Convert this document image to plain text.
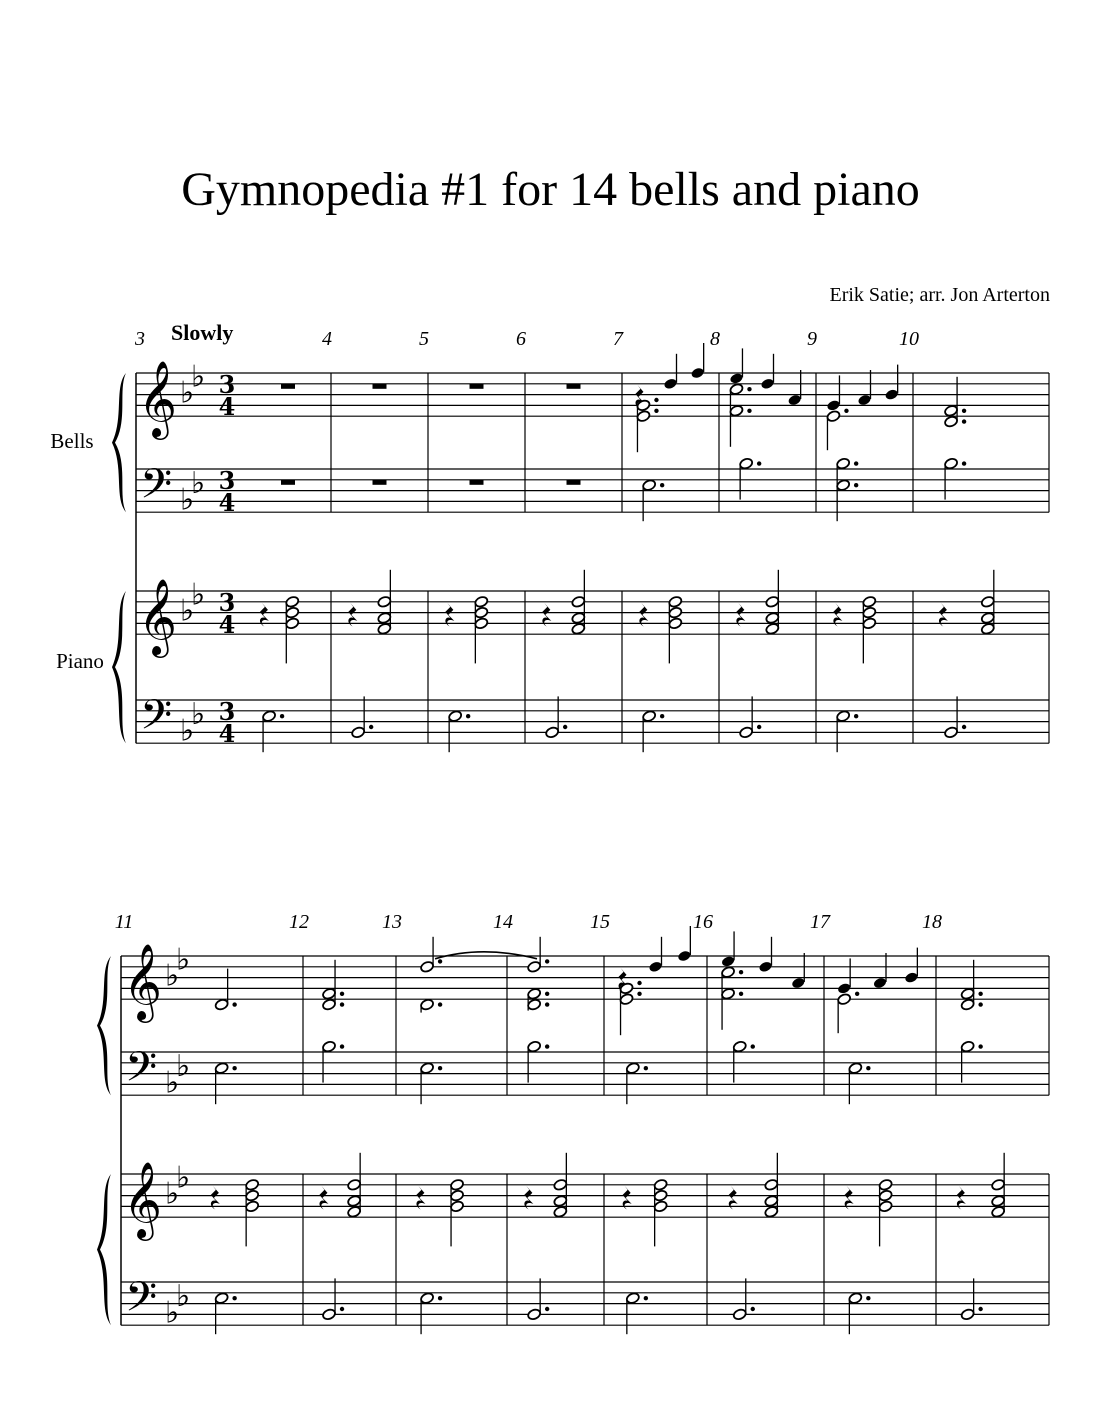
Gymnopedia #1 for 14 bells and piano
Erik Satie; arr. Jon Arterton
𝄞
𝄢
𝄞
𝄢
♭
♭
♭
♭
♭
♭
♭
♭
3
4
3
4
3
4
3
4
3	4	5	6	7	8	9	10
Slowly
Bells
Piano
𝄞
𝄢
𝄞
𝄢
♭
♭
♭
♭
♭
♭
♭
♭
11	12	13	14	15	16	17	18
